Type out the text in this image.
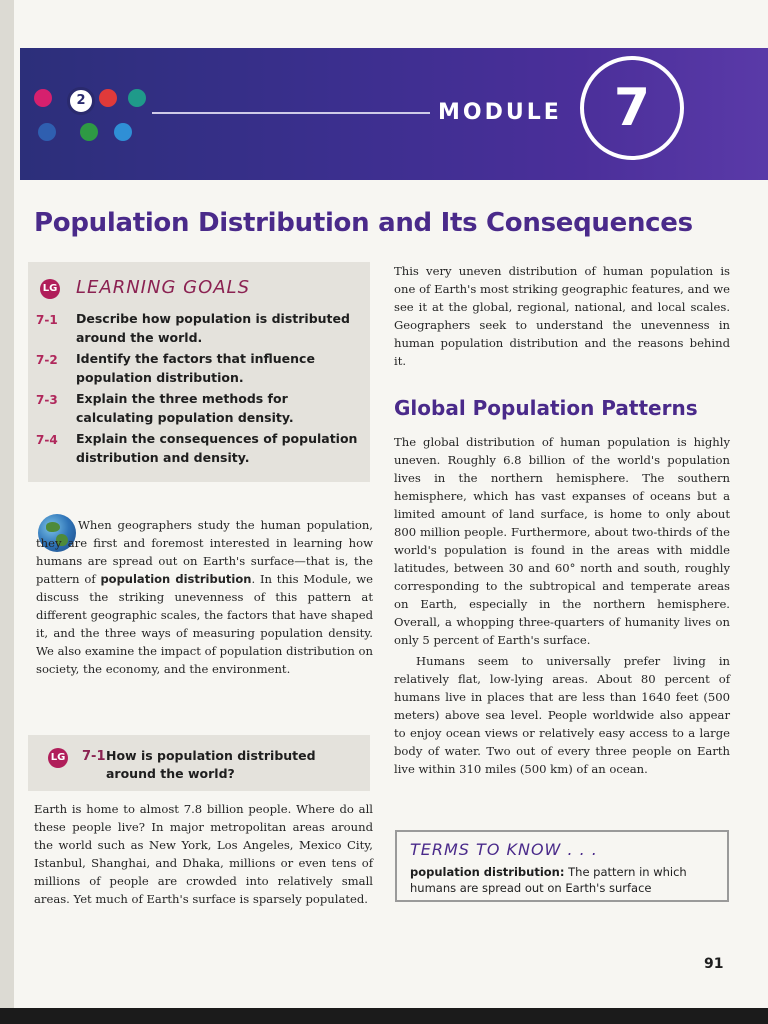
MODULE	7
2
Population Distribution and Its Consequences
LG LEARNING GOALS
7-1 Describe how population is distributed around the world.
7-2 Identify the factors that influence population distribution.
7-3 Explain the three methods for calculating population density.
7-4 Explain the consequences of population distribution and density.

When geographers study the human population, they are first and foremost interested in learning how humans are spread out on Earth's surface—that is, the pattern of population distribution. In this Module, we discuss the striking unevenness of this pattern at different geographic scales, the factors that have shaped it, and the three ways of measuring population density. We also examine the impact of population distribution on society, the economy, and the environment.

LG 7-1 How is population distributed around the world?

Earth is home to almost 7.8 billion people. Where do all these people live? In major metropolitan areas around the world such as New York, Los Angeles, Mexico City, Istanbul, Shanghai, and Dhaka, millions or even tens of millions of people are crowded into relatively small areas. Yet much of Earth's surface is sparsely populated.

This very uneven distribution of human population is one of Earth's most striking geographic features, and we see it at the global, regional, national, and local scales. Geographers seek to understand the unevenness in human population distribution and the reasons behind it.

Global Population Patterns

The global distribution of human population is highly uneven. Roughly 6.8 billion of the world's population lives in the northern hemisphere. The southern hemisphere, which has vast expanses of oceans but a limited amount of land surface, is home to only about 800 million people. Furthermore, about two-thirds of the world's population is found in the areas with middle latitudes, between 30 and 60° north and south, roughly corresponding to the subtropical and temperate areas on Earth, especially in the northern hemisphere. Overall, a whopping three-quarters of humanity lives on only 5 percent of Earth's surface.

Humans seem to universally prefer living in relatively flat, low-lying areas. About 80 percent of humans live in places that are less than 1640 feet (500 meters) above sea level. People worldwide also appear to enjoy ocean views or relatively easy access to a large body of water. Two out of every three people on Earth live within 310 miles (500 km) of an ocean.

TERMS TO KNOW . . .
population distribution: The pattern in which humans are spread out on Earth's surface
91
